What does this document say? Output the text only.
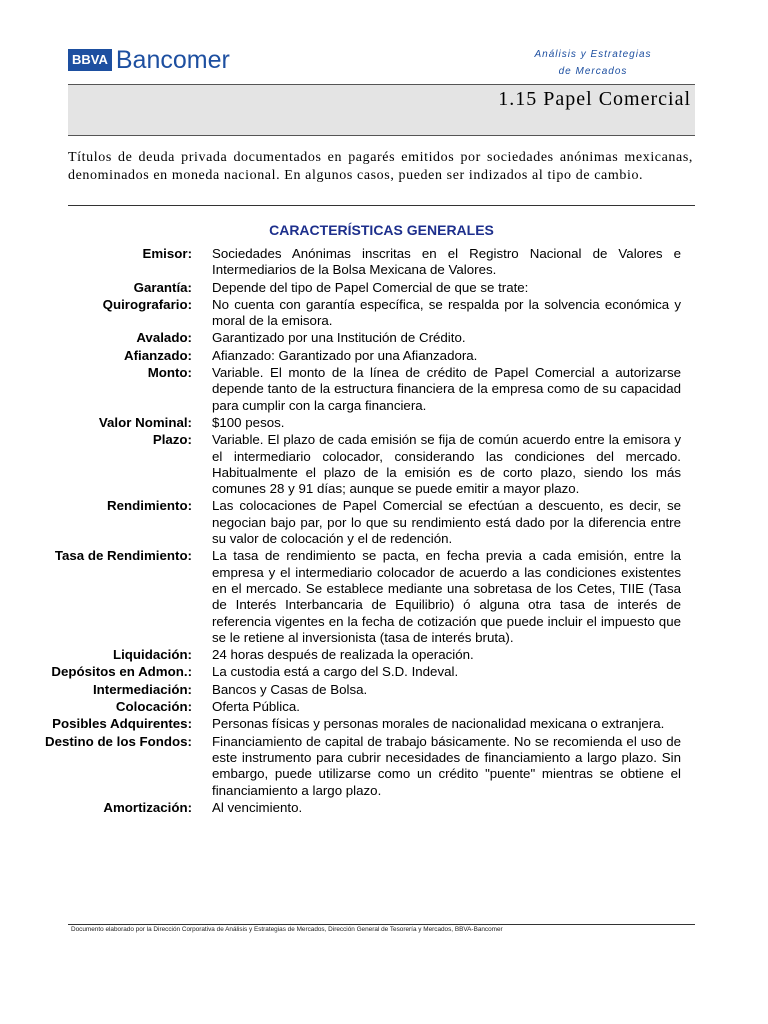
BBVA Bancomer	Análisis y Estrategias
de Mercados
1.15 Papel Comercial
Títulos de deuda privada documentados en pagarés emitidos por sociedades anónimas mexicanas, denominados en moneda nacional. En algunos casos, pueden ser indizados al tipo de cambio.
CARACTERÍSTICAS GENERALES
Emisor:	Sociedades Anónimas inscritas en el Registro Nacional de Valores e Intermediarios de la Bolsa Mexicana de Valores.
Garantía:	Depende del tipo de Papel Comercial de que se trate:
Quirografario:	No cuenta con garantía específica, se respalda por la solvencia económica y moral de la emisora.
Avalado:	Garantizado por una Institución de Crédito.
Afianzado:	Afianzado: Garantizado por una Afianzadora.
Monto:	Variable. El monto de la línea de crédito de Papel Comercial a autorizarse depende tanto de la estructura financiera de la empresa como de su capacidad para cumplir con la carga financiera.
Valor Nominal:	$100 pesos.
Plazo:	Variable. El plazo de cada emisión se fija de común acuerdo entre la emisora y el intermediario colocador, considerando las condiciones del mercado. Habitualmente el plazo de la emisión es de corto plazo, siendo los más comunes 28 y 91 días; aunque se puede emitir a mayor plazo.
Rendimiento:	Las colocaciones de Papel Comercial se efectúan a descuento, es decir, se negocian bajo par, por lo que su rendimiento está dado por la diferencia entre su valor de colocación y el de redención.
Tasa de Rendimiento:	La tasa de rendimiento se pacta, en fecha previa a cada emisión, entre la empresa y el intermediario colocador de acuerdo a las condiciones existentes en el mercado. Se establece mediante una sobretasa de los Cetes, TIIE (Tasa de Interés Interbancaria de Equilibrio) ó alguna otra tasa de interés de referencia vigentes en la fecha de cotización que puede incluir el impuesto que se le retiene al inversionista (tasa de interés bruta).
Liquidación:	24 horas después de realizada la operación.
Depósitos en Admon.:	La custodia está a cargo del S.D. Indeval.
Intermediación:	Bancos y Casas de Bolsa.
Colocación:	Oferta Pública.
Posibles Adquirentes:	Personas físicas y personas morales de nacionalidad mexicana o extranjera.
Destino de los Fondos:	Financiamiento de capital de trabajo básicamente. No se recomienda el uso de este instrumento para cubrir necesidades de financiamiento a largo plazo. Sin embargo, puede utilizarse como un crédito "puente" mientras se obtiene el financiamiento a largo plazo.
Amortización:	Al vencimiento.
Documento elaborado por la Dirección Corporativa de Análisis y Estrategias de Mercados, Dirección General de Tesorería y Mercados, BBVA-Bancomer
